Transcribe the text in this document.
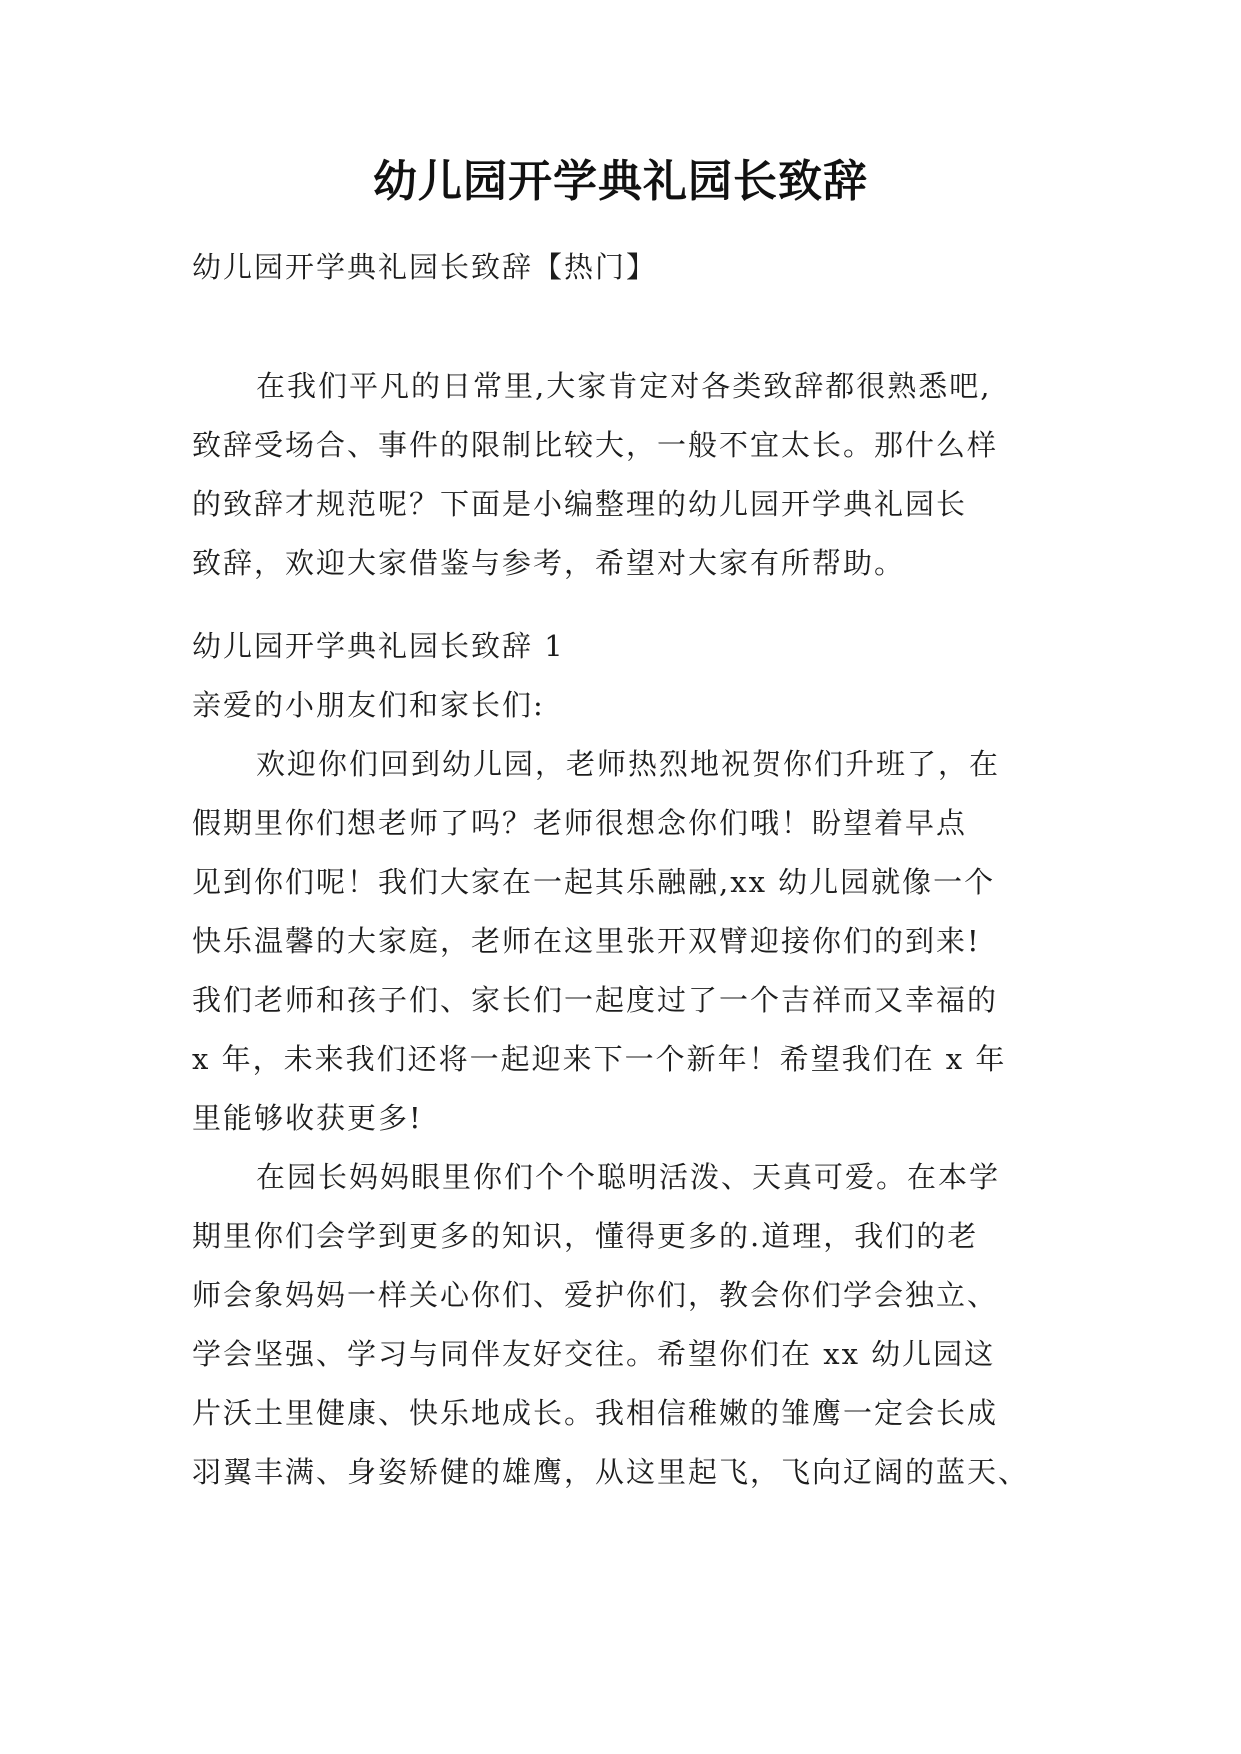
幼儿园开学典礼园长致辞
幼儿园开学典礼园长致辞【热门】
在我们平凡的日常里,大家肯定对各类致辞都很熟悉吧,
致辞受场合、事件的限制比较大，一般不宜太长。那什么样
的致辞才规范呢？下面是小编整理的幼儿园开学典礼园长
致辞，欢迎大家借鉴与参考，希望对大家有所帮助。
幼儿园开学典礼园长致辞 1
亲爱的小朋友们和家长们:
欢迎你们回到幼儿园，老师热烈地祝贺你们升班了，在
假期里你们想老师了吗？老师很想念你们哦！盼望着早点
见到你们呢！我们大家在一起其乐融融,xx 幼儿园就像一个
快乐温馨的大家庭，老师在这里张开双臂迎接你们的到来!
我们老师和孩子们、家长们一起度过了一个吉祥而又幸福的
x 年，未来我们还将一起迎来下一个新年！希望我们在 x 年
里能够收获更多!
在园长妈妈眼里你们个个聪明活泼、天真可爱。在本学
期里你们会学到更多的知识，懂得更多的.道理，我们的老
师会象妈妈一样关心你们、爱护你们，教会你们学会独立、
学会坚强、学习与同伴友好交往。希望你们在 xx 幼儿园这
片沃土里健康、快乐地成长。我相信稚嫩的雏鹰一定会长成
羽翼丰满、身姿矫健的雄鹰，从这里起飞，飞向辽阔的蓝天、
